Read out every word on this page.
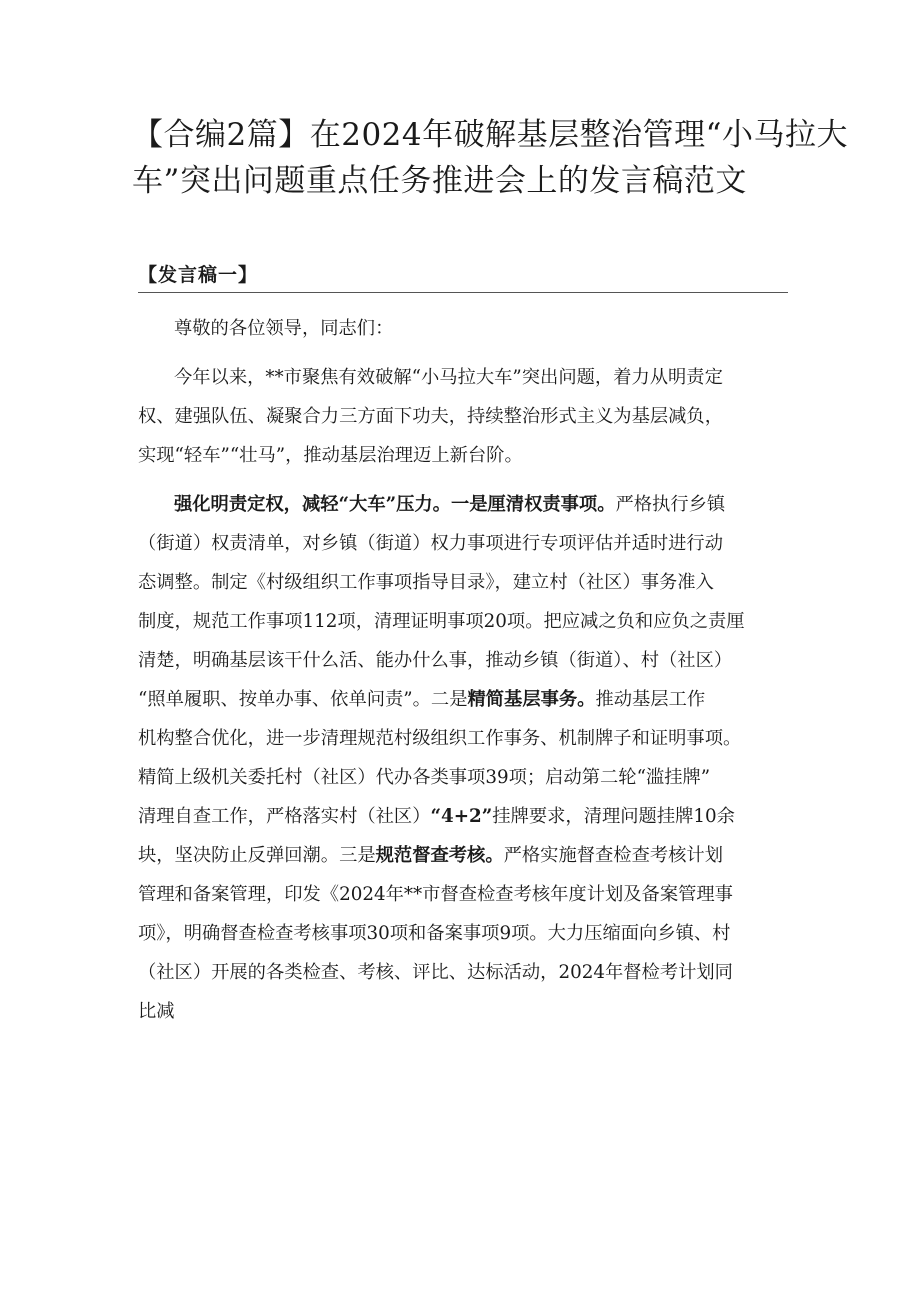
【合编2篇】在2024年破解基层整治管理“小马拉大
车”突出问题重点任务推进会上的发言稿范文
【发言稿一】

尊敬的各位领导，同志们：

今年以来，**市聚焦有效破解“小马拉大车”突出问题，着力从明责定
权、建强队伍、凝聚合力三方面下功夫，持续整治形式主义为基层减负，
实现“轻车”“壮马”，推动基层治理迈上新台阶。

强化明责定权，减轻“大车”压力。一是厘清权责事项。严格执行乡镇
（街道）权责清单，对乡镇（街道）权力事项进行专项评估并适时进行动
态调整。制定《村级组织工作事项指导目录》，建立村（社区）事务准入
制度，规范工作事项112项，清理证明事项20项。把应减之负和应负之责厘
清楚，明确基层该干什么活、能办什么事，推动乡镇（街道）、村（社区）
“照单履职、按单办事、依单问责”。二是精简基层事务。推动基层工作
机构整合优化，进一步清理规范村级组织工作事务、机制牌子和证明事项。
精简上级机关委托村（社区）代办各类事项39项；启动第二轮“滥挂牌”
清理自查工作，严格落实村（社区）“4+2”挂牌要求，清理问题挂牌10余
块，坚决防止反弹回潮。三是规范督查考核。严格实施督查检查考核计划
管理和备案管理，印发《2024年**市督查检查考核年度计划及备案管理事
项》，明确督查检查考核事项30项和备案事项9项。大力压缩面向乡镇、村
（社区）开展的各类检查、考核、评比、达标活动，2024年督检考计划同
比减
